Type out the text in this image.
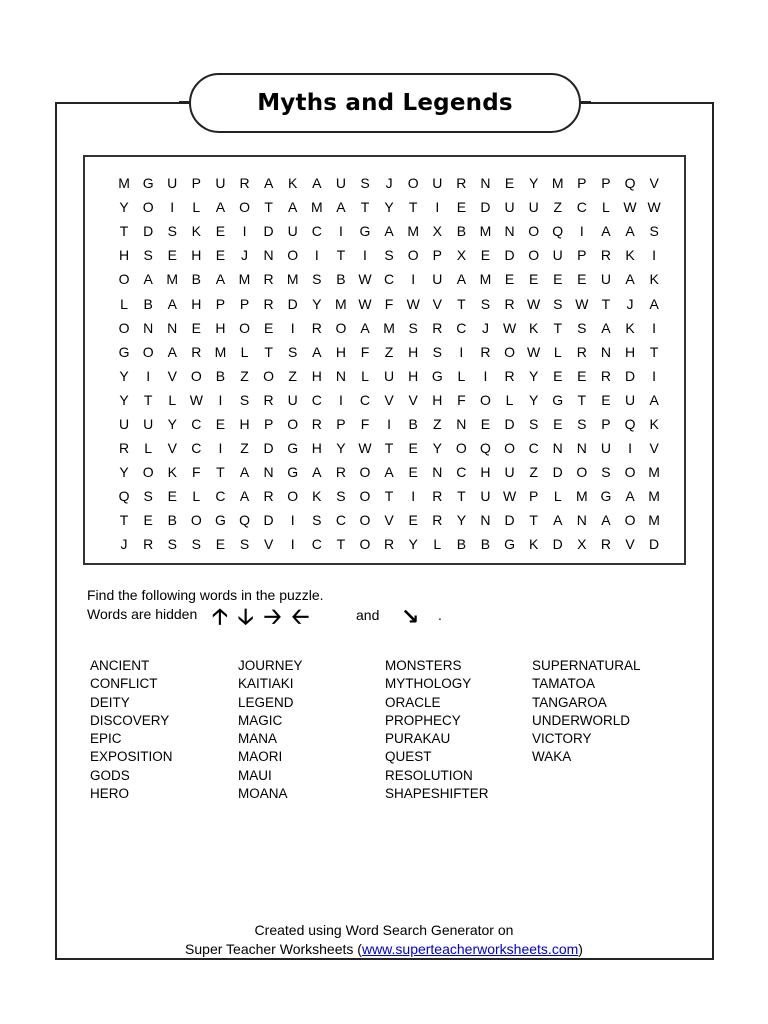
Myths and Legends
M G U	P	U R	A	K	A	U	S	J	O U R N	E	Y M P	P Q V
Y O	I	L	A O	T	A M A	T	Y	T	I	E	D U U	Z	C	L W W
T	D	S	K	E	I	D U C	I	G A M X	B M N O Q	I	A	A	S
H	S	E	H	E	J	N O	I	T	I	S O P	X	E	D O U	P	R	K	I
O A M B	A M R M S	B W C	I	U	A M E	E	E	E	U	A	K
L	B	A	H	P	P	R D	Y M W F W V	T	S	R W S W T	J	A
O N N	E	H O E	I	R O A M S	R C	J W K	T	S	A	K	I
G O A	R M	L	T	S	A	H	F	Z	H	S	I	R O W L	R N H	T
Y	I	V O B	Z	O	Z	H N	L	U H G	L	I	R	Y	E	E	R D	I
Y	T	L W	I	S	R U C	I	C	V	V	H	F	O	L	Y G	T	E	U	A
U U	Y	C	E	H	P O R	P	F	I	B	Z	N	E	D	S	E	S	P Q K
R	L	V	C	I	Z	D G H	Y W T	E	Y O Q O C N N U	I	V
Y O K	F	T	A	N G A	R O A	E	N C H U	Z	D O S O M
Q S	E	L	C	A	R O K	S O	T	I	R	T	U W P	L	M G A M
T	E	B O G Q D	I	S	C O V	E	R	Y	N D	T	A	N	A O M
J	R	S	S	E	S	V	I	C	T	O R	Y	L	B	B G K	D	X	R	V	D
Find the following words in the puzzle.
Words are hidden 🡡 🡣 🡢 🡠	and ↘ .
ANCIENT
CONFLICT
DEITY
DISCOVERY
EPIC
EXPOSITION
GODS
HERO
JOURNEY
KAITIAKI
LEGEND
MAGIC
MANA
MAORI
MAUI
MOANA
MONSTERS
MYTHOLOGY
ORACLE
PROPHECY
PURAKAU
QUEST
RESOLUTION
SHAPESHIFTER
SUPERNATURAL
TAMATOA
TANGAROA
UNDERWORLD
VICTORY
WAKA
Created using Word Search Generator on
Super Teacher Worksheets (www.superteacherworksheets.com)
